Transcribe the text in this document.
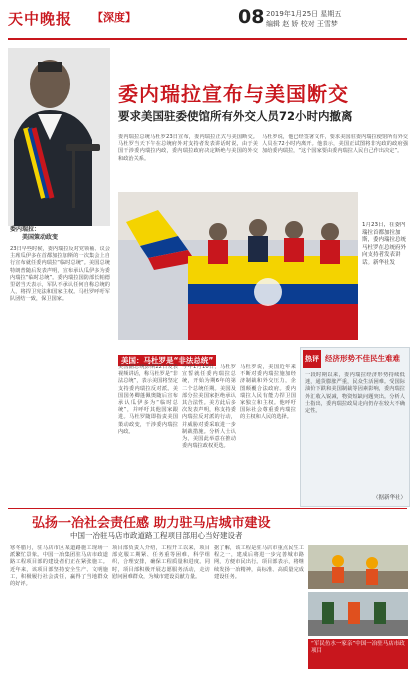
天中晚报 【深度】	08 2019年1月25日 星期五
编辑 赵 娇 校对 王雪梦
委内瑞拉：
美国策动政变
委内瑞拉宣布与美国断交
要求美国驻委使馆所有外交人员72小时内撤离
委内瑞拉总统马杜罗23日宣布，委内瑞拉正式与美国断交。马杜罗当天下午在总统府外对支持者发表讲话时说，由于美国干涉委内瑞拉内政，委内瑞拉政府决定断绝与美国的外交和政治关系。
马杜罗说，他已经签署文件，要求美国驻委内瑞拉使馆所有外交人员在72小时内离开。他表示，美国正试图将非宪政的政府强加给委内瑞拉，“这个国家要由委内瑞拉人民自己作出决定”。
23日早些时候，委内瑞拉反对党领袖、议会主席瓜伊多在首都加拉加斯的一次集会上自行宣布就任委内瑞拉“临时总统”。美国总统特朗普随后发表声明，宣布承认瓜伊多为委内瑞拉“临时总统”。委内瑞拉国防部长帕德里诺当天表示，军队不承认任何自称总统的人，将捍卫宪法和国家主权。马杜罗呼吁军队团结一致，保卫国家。
1月23日，在委内瑞拉首都加拉加斯，委内瑞拉总统马杜罗在总统府外向支持者发表讲话。新华社发
美国：马杜罗是“非法总统”
美国副总统彭斯22日发表视频讲话，称马杜罗是“非法总统”，表示美国将坚定支持委内瑞拉反对派。美国国务卿蓬佩奥随后宣布承认瓜伊多为“临时总统”，并呼吁其他国家跟进。马杜罗随即指责美国策动政变，干涉委内瑞拉内政。
今年1月10日，马杜罗宣誓就任委内瑞拉总统，开始为期6年的第二个总统任期。美国及部分拉美国家拒绝承认其合法性。美方此后多次发表声明，称支持委内瑞拉反对派的行动，并威胁对委采取进一步制裁措施。分析人士认为，美国此举意在推动委内瑞拉政权更迭。
马杜罗说，美国近年来不断对委内瑞拉施加经济制裁和外交压力，企图颠覆合法政府。委内瑞拉人民有能力捍卫国家独立和主权。他呼吁国际社会尊重委内瑞拉的主权和人民的选择。
热评 经济形势不佳民生难难
一段时期以来，委内瑞拉经济形势持续低迷，通货膨胀严重，民众生活困难。受国际油价下跌和美国制裁等因素影响，委内瑞拉外汇收入锐减，物资短缺问题突出。分析人士指出，委内瑞拉政局走向仍存在较大不确定性。
（据新华社）
弘扬一冶社会责任感 助力驻马店城市建设
中国一冶驻马店市政道路工程项目部用心当好建设者
寒冬腊月，驻马店市区某道路施工现场一派繁忙景象。中国一冶集团驻马店市政道路工程项目部的建设者们正在紧张施工。近年来，该项目部坚持安全生产、文明施工，积极履行社会责任，赢得了当地群众的好评。
项目部负责人介绍，工程开工以来，项目部克服工期紧、任务重等困难，科学组织，合理安排，确保工程质量和进度。同时，项目部积极开展志愿服务活动，走访慰问困难群众，为城市建设贡献力量。
据了解，该工程是驻马店市重点民生工程之一，建成后将进一步完善城市路网，方便市民出行。项目部表示，将继续发扬一冶精神，高标准、高质量完成建设任务。
“军民鱼水一家亲”中国一冶驻马店市政项目
